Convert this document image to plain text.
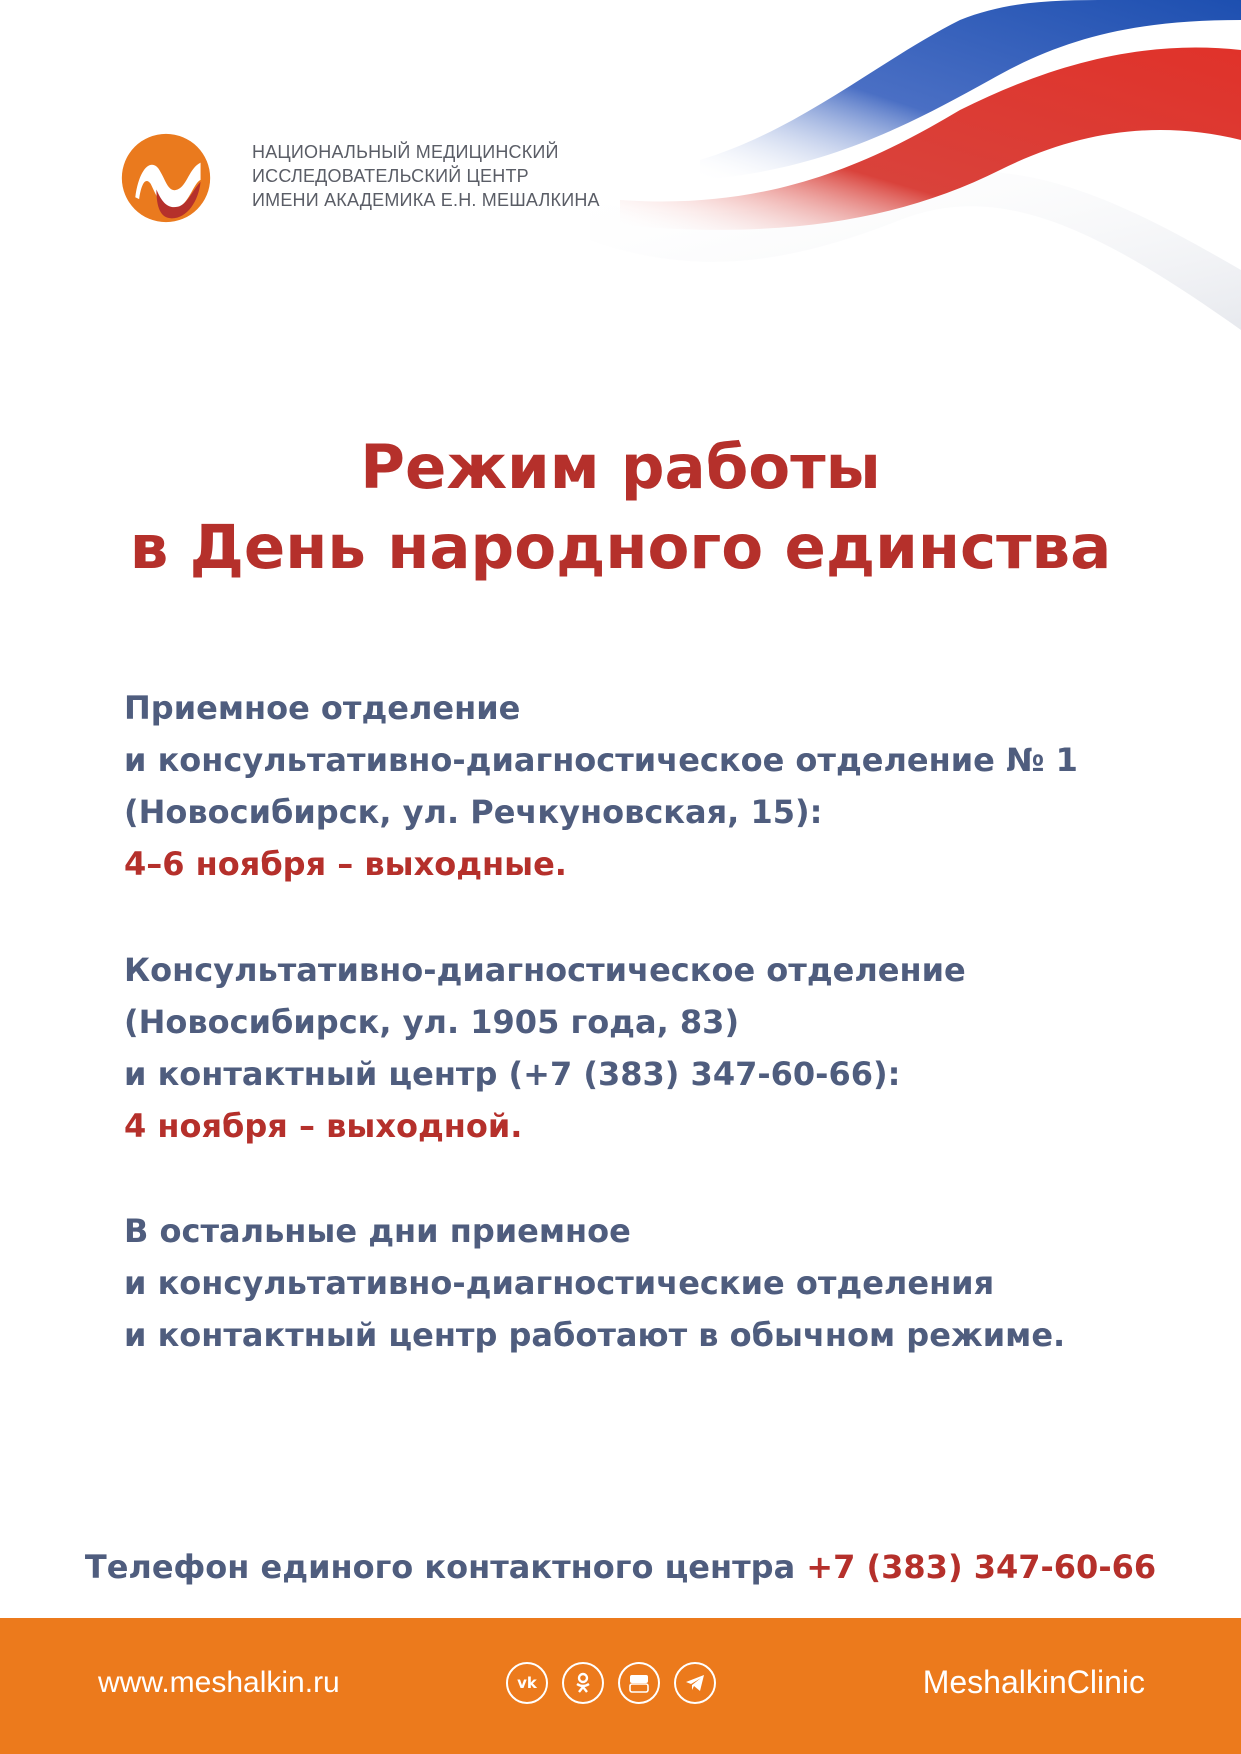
НАЦИОНАЛЬНЫЙ МЕДИЦИНСКИЙ
ИССЛЕДОВАТЕЛЬСКИЙ ЦЕНТР
ИМЕНИ АКАДЕМИКА Е.Н. МЕШАЛКИНА
Режим работы
в День народного единства
Приемное отделение
и консультативно-диагностическое отделение № 1
(Новосибирск, ул. Речкуновская, 15):
4–6 ноября – выходные.
Консультативно-диагностическое отделение
(Новосибирск, ул. 1905 года, 83)
и контактный центр (+7 (383) 347-60-66):
4 ноября – выходной.
В остальные дни приемное
и консультативно-диагностические отделения
и контактный центр работают в обычном режиме.
Телефон единого контактного центра +7 (383) 347-60-66
www.meshalkin.ru	vk	MeshalkinClinic
